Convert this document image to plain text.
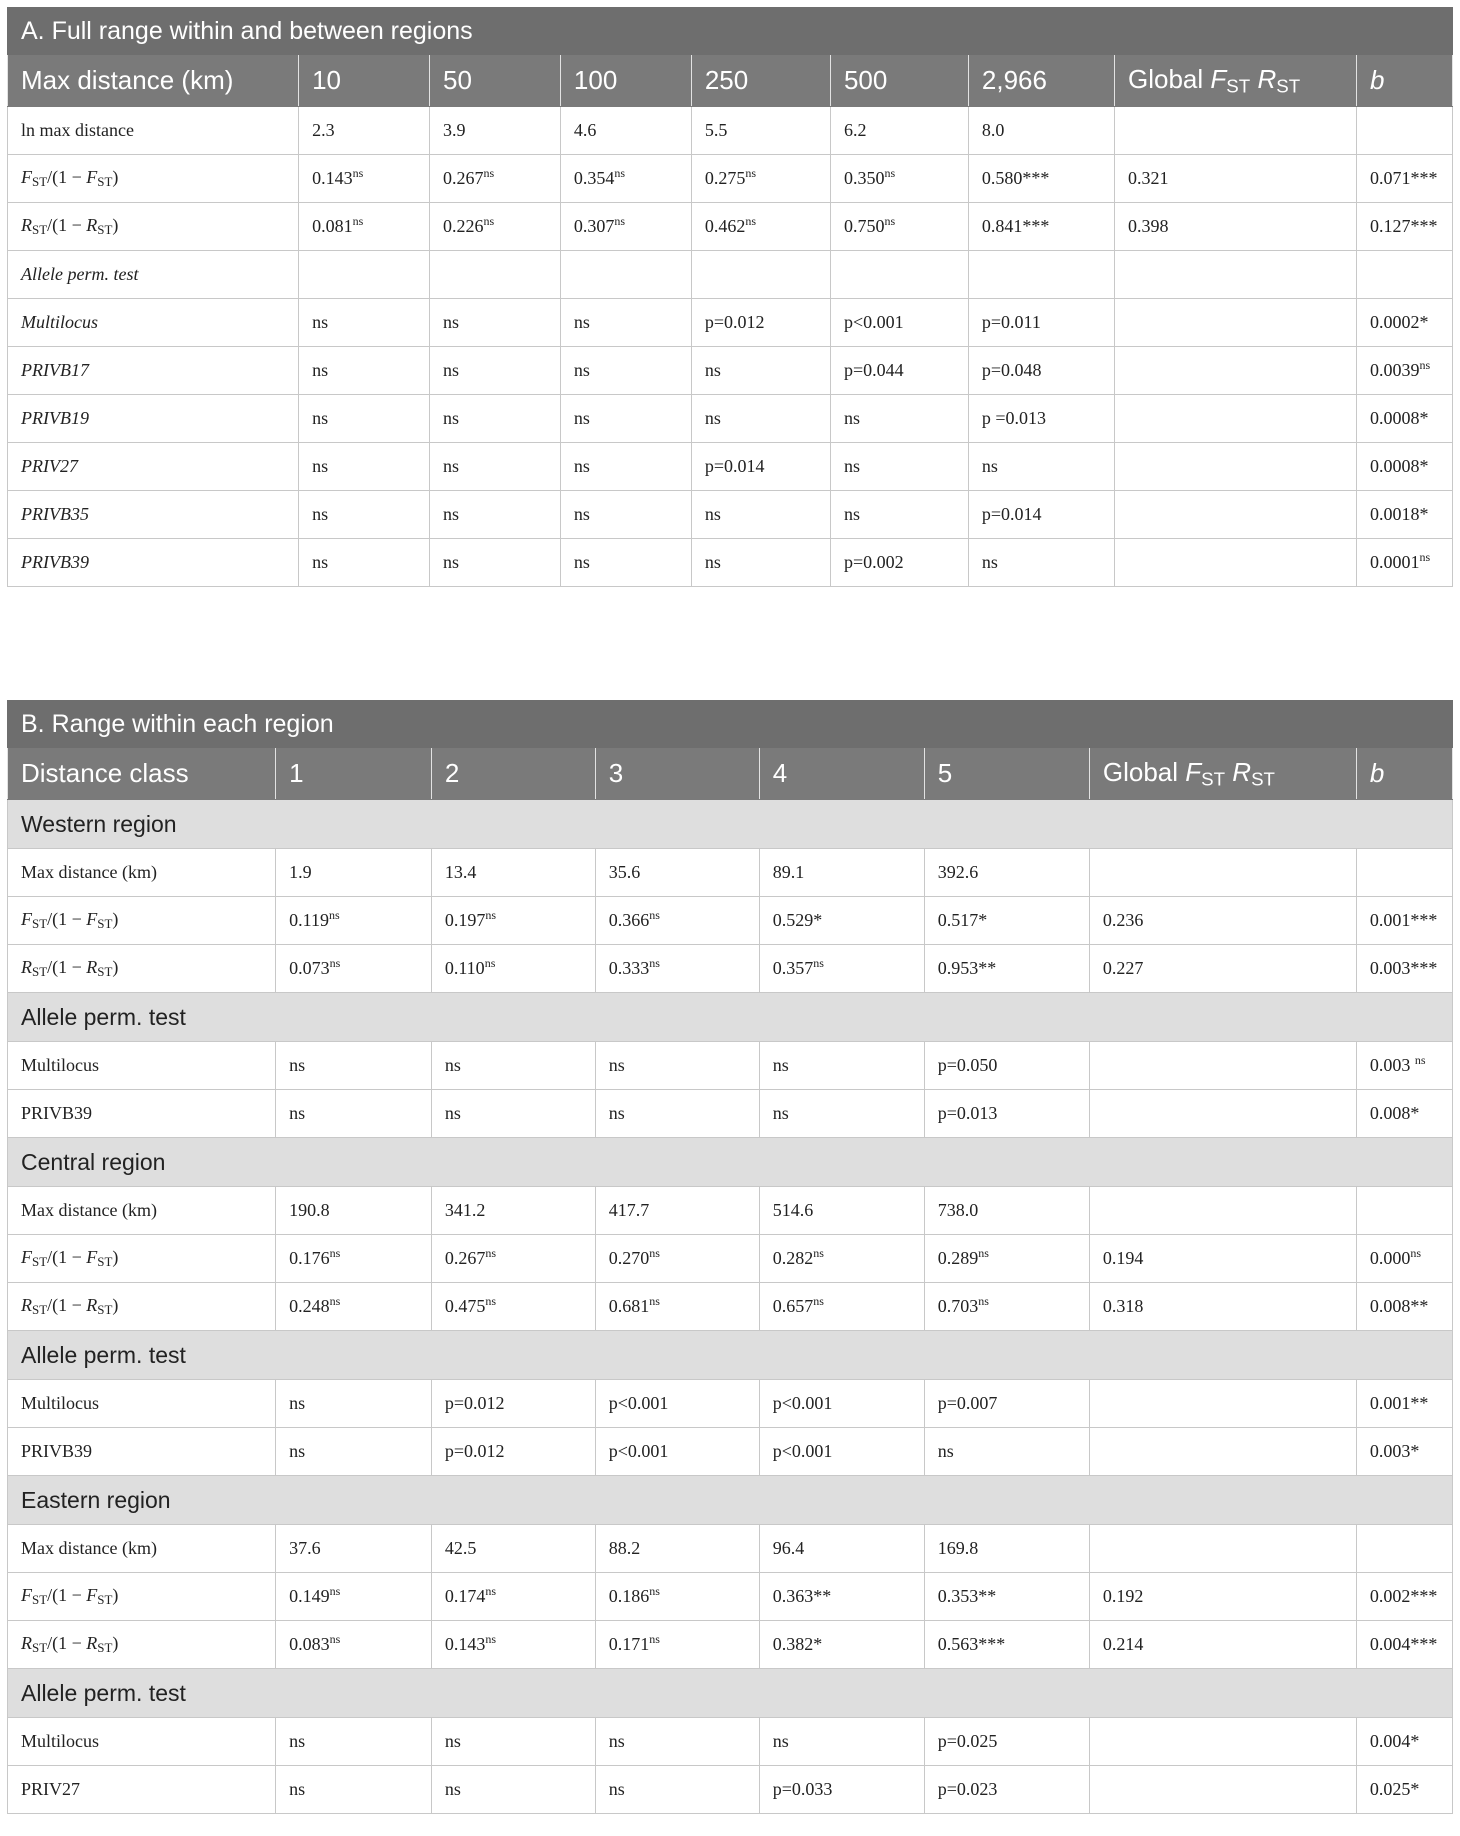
A. Full range within and between regions								
Max distance (km)	10	50	100	250	500	2,966	Global $F_{ST}$ $R_{ST}$	b
ln max distance	2.3	3.9	4.6	5.5	6.2	8.0		
$F_{ST}/(1 - F_{ST})$	$0.143^{ns}$	$0.267^{ns}$	$0.354^{ns}$	$0.275^{ns}$	$0.350^{ns}$	0.580***	0.321	0.071***
$R_{ST}/(1 - R_{ST})$	$0.081^{ns}$	$0.226^{ns}$	$0.307^{ns}$	$0.462^{ns}$	$0.750^{ns}$	0.841***	0.398	0.127***
Allele perm. test								
Multilocus	ns	ns	ns	p=0.012	p<0.001	p=0.011		0.0002*
PRIVB17	ns	ns	ns	ns	p=0.044	p=0.048		$0.0039^{ns}$
PRIVB19	ns	ns	ns	ns	ns	p =0.013		0.0008*
PRIV27	ns	ns	ns	p=0.014	ns	ns		0.0008*
PRIVB35	ns	ns	ns	ns	ns	p=0.014		0.0018*
PRIVB39	ns	ns	ns	ns	p=0.002	ns		$0.0001^{ns}$
B. Range within each region							
Distance class	1	2	3	4	5	Global $F_{ST}$ $R_{ST}$	b
Western region							
Max distance (km)	1.9	13.4	35.6	89.1	392.6		
$F_{ST}/(1 - F_{ST})$	$0.119^{ns}$	$0.197^{ns}$	$0.366^{ns}$	0.529*	0.517*	0.236	0.001***
$R_{ST}/(1 - R_{ST})$	$0.073^{ns}$	$0.110^{ns}$	$0.333^{ns}$	$0.357^{ns}$	0.953**	0.227	0.003***
Allele perm. test							
Multilocus	ns	ns	ns	ns	p=0.050		0.003 $^{ns}$
PRIVB39	ns	ns	ns	ns	p=0.013		0.008*
Central region							
Max distance (km)	190.8	341.2	417.7	514.6	738.0		
$F_{ST}/(1 - F_{ST})$	$0.176^{ns}$	$0.267^{ns}$	$0.270^{ns}$	$0.282^{ns}$	$0.289^{ns}$	0.194	$0.000^{ns}$
$R_{ST}/(1 - R_{ST})$	$0.248^{ns}$	$0.475^{ns}$	$0.681^{ns}$	$0.657^{ns}$	$0.703^{ns}$	0.318	0.008**
Allele perm. test							
Multilocus	ns	p=0.012	p<0.001	p<0.001	p=0.007		0.001**
PRIVB39	ns	p=0.012	p<0.001	p<0.001	ns		0.003*
Eastern region							
Max distance (km)	37.6	42.5	88.2	96.4	169.8		
$F_{ST}/(1 - F_{ST})$	$0.149^{ns}$	$0.174^{ns}$	$0.186^{ns}$	0.363**	0.353**	0.192	0.002***
$R_{ST}/(1 - R_{ST})$	$0.083^{ns}$	$0.143^{ns}$	$0.171^{ns}$	0.382*	0.563***	0.214	0.004***
Allele perm. test							
Multilocus	ns	ns	ns	ns	p=0.025		0.004*
PRIV27	ns	ns	ns	p=0.033	p=0.023		0.025*
